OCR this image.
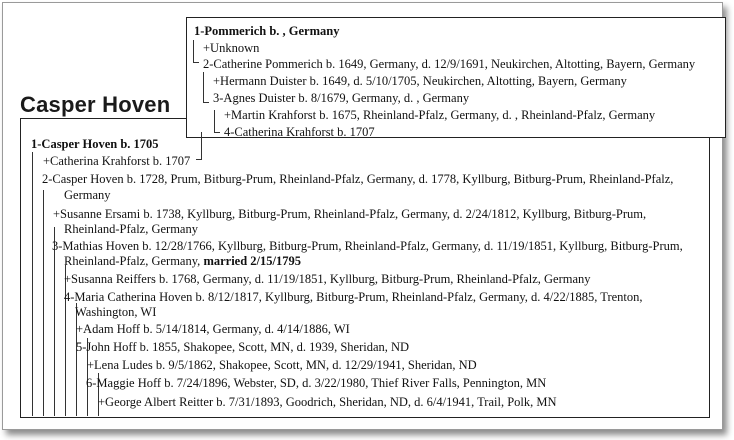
Casper Hoven
1-Pommerich b. , Germany
+Unknown
2-Catherine Pommerich b. 1649, Germany, d. 12/9/1691, Neukirchen, Altotting, Bayern, Germany
+Hermann Duister b. 1649, d. 5/10/1705, Neukirchen, Altotting, Bayern, Germany
3-Agnes Duister b. 8/1679, Germany, d. , Germany
+Martin Krahforst b. 1675, Rheinland-Pfalz, Germany, d. , Rheinland-Pfalz, Germany
4-Catherina Krahforst b. 1707
1-Casper Hoven b. 1705
+Catherina Krahforst b. 1707
2-Casper Hoven b. 1728, Prum, Bitburg-Prum, Rheinland-Pfalz, Germany, d. 1778, Kyllburg, Bitburg-Prum, Rheinland-Pfalz,
Germany
+Susanne Ersami b. 1738, Kyllburg, Bitburg-Prum, Rheinland-Pfalz, Germany, d. 2/24/1812, Kyllburg, Bitburg-Prum,
Rheinland-Pfalz, Germany
3-Mathias Hoven b. 12/28/1766, Kyllburg, Bitburg-Prum, Rheinland-Pfalz, Germany, d. 11/19/1851, Kyllburg, Bitburg-Prum,
Rheinland-Pfalz, Germany, married 2/15/1795
+Susanna Reiffers b. 1768, Germany, d. 11/19/1851, Kyllburg, Bitburg-Prum, Rheinland-Pfalz, Germany
4-Maria Catherina Hoven b. 8/12/1817, Kyllburg, Bitburg-Prum, Rheinland-Pfalz, Germany, d. 4/22/1885, Trenton,
Washington, WI
+Adam Hoff b. 5/14/1814, Germany, d. 4/14/1886, WI
5-John Hoff b. 1855, Shakopee, Scott, MN, d. 1939, Sheridan, ND
+Lena Ludes b. 9/5/1862, Shakopee, Scott, MN, d. 12/29/1941, Sheridan, ND
6-Maggie Hoff b. 7/24/1896, Webster, SD, d. 3/22/1980, Thief River Falls, Pennington, MN
+George Albert Reitter b. 7/31/1893, Goodrich, Sheridan, ND, d. 6/4/1941, Trail, Polk, MN
